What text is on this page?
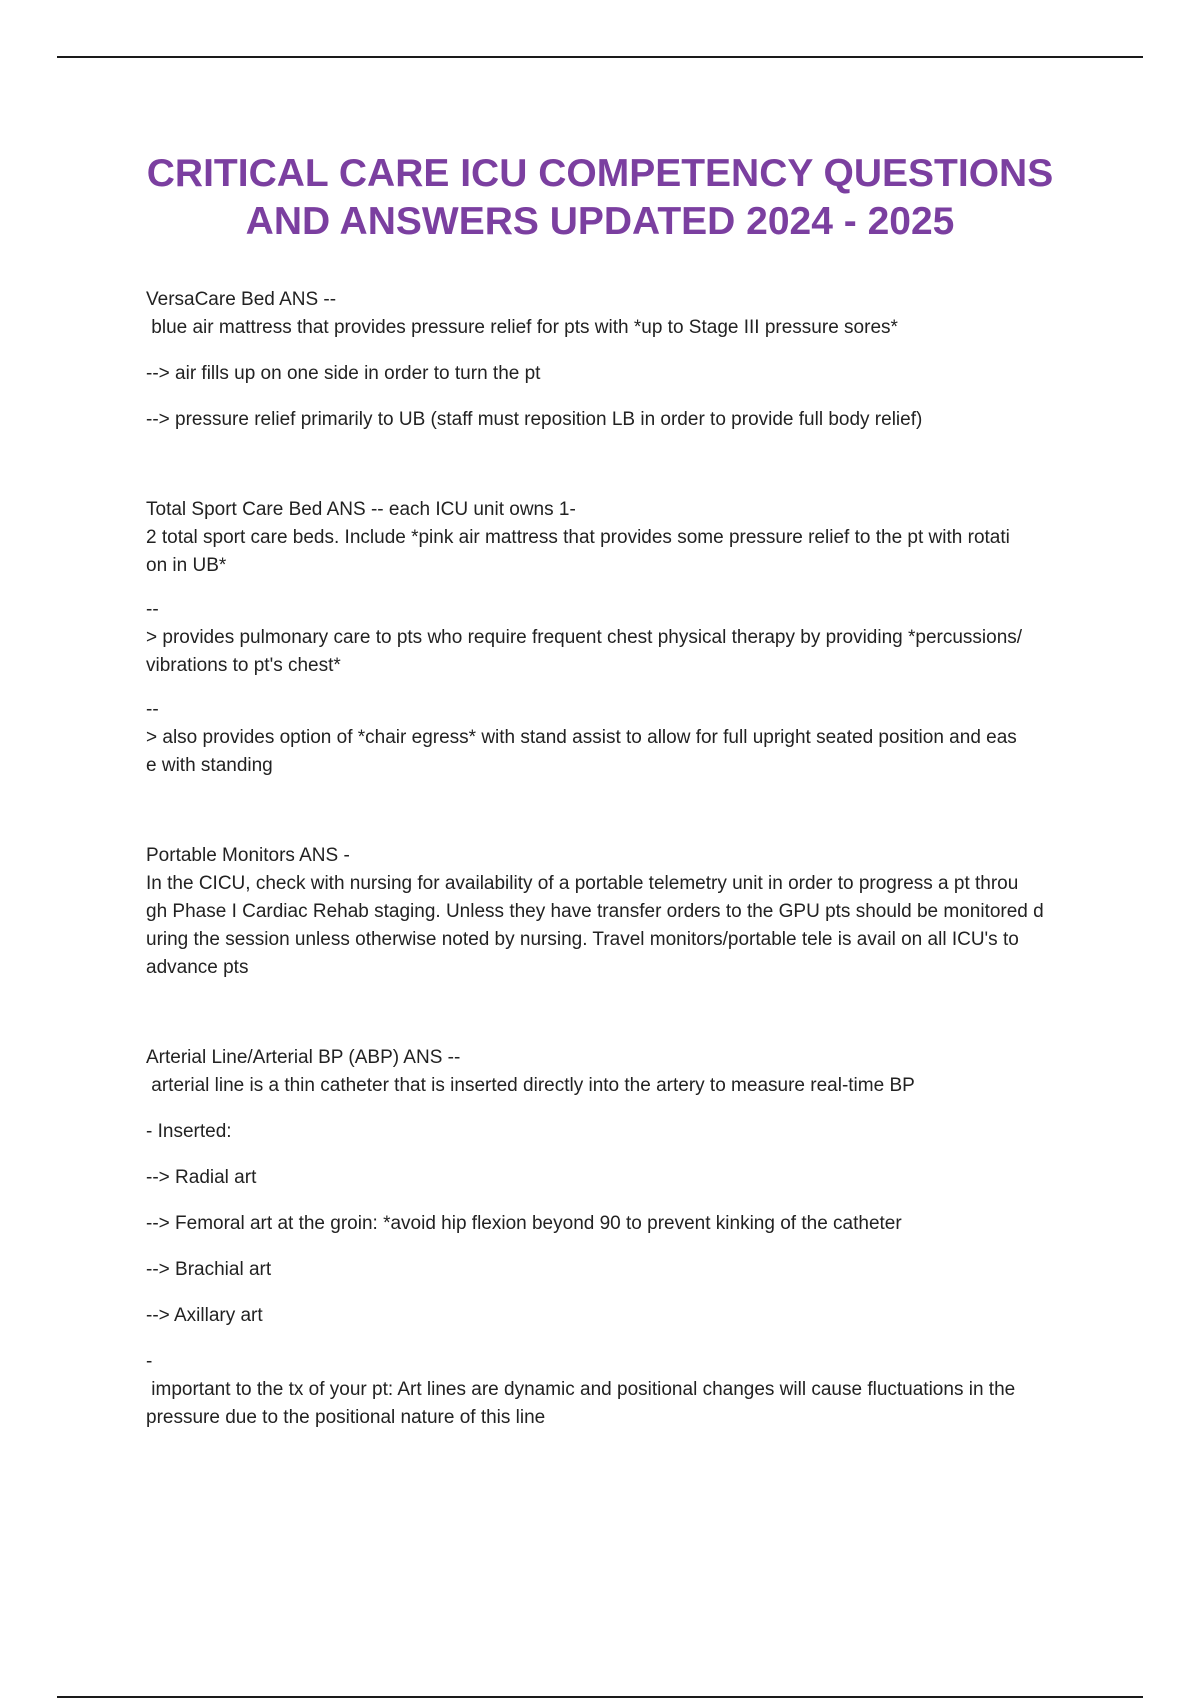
CRITICAL CARE ICU COMPETENCY QUESTIONS
AND ANSWERS UPDATED 2024 - 2025

VersaCare Bed ANS --

blue air mattress that provides pressure relief for pts with *up to Stage III pressure sores*

--> air fills up on one side in order to turn the pt

--> pressure relief primarily to UB (staff must reposition LB in order to provide full body relief)

Total Sport Care Bed ANS -- each ICU unit owns 1-

2 total sport care beds. Include *pink air mattress that provides some pressure relief to the pt with rotati

on in UB*

--

> provides pulmonary care to pts who require frequent chest physical therapy by providing *percussions/

vibrations to pt's chest*

--

> also provides option of *chair egress* with stand assist to allow for full upright seated position and eas

e with standing

Portable Monitors ANS -

In the CICU, check with nursing for availability of a portable telemetry unit in order to progress a pt throu

gh Phase I Cardiac Rehab staging. Unless they have transfer orders to the GPU pts should be monitored d

uring the session unless otherwise noted by nursing. Travel monitors/portable tele is avail on all ICU's to

advance pts

Arterial Line/Arterial BP (ABP) ANS --

arterial line is a thin catheter that is inserted directly into the artery to measure real-time BP

- Inserted:

--> Radial art

--> Femoral art at the groin: *avoid hip flexion beyond 90 to prevent kinking of the catheter

--> Brachial art

--> Axillary art

-

important to the tx of your pt: Art lines are dynamic and positional changes will cause fluctuations in the

pressure due to the positional nature of this line
